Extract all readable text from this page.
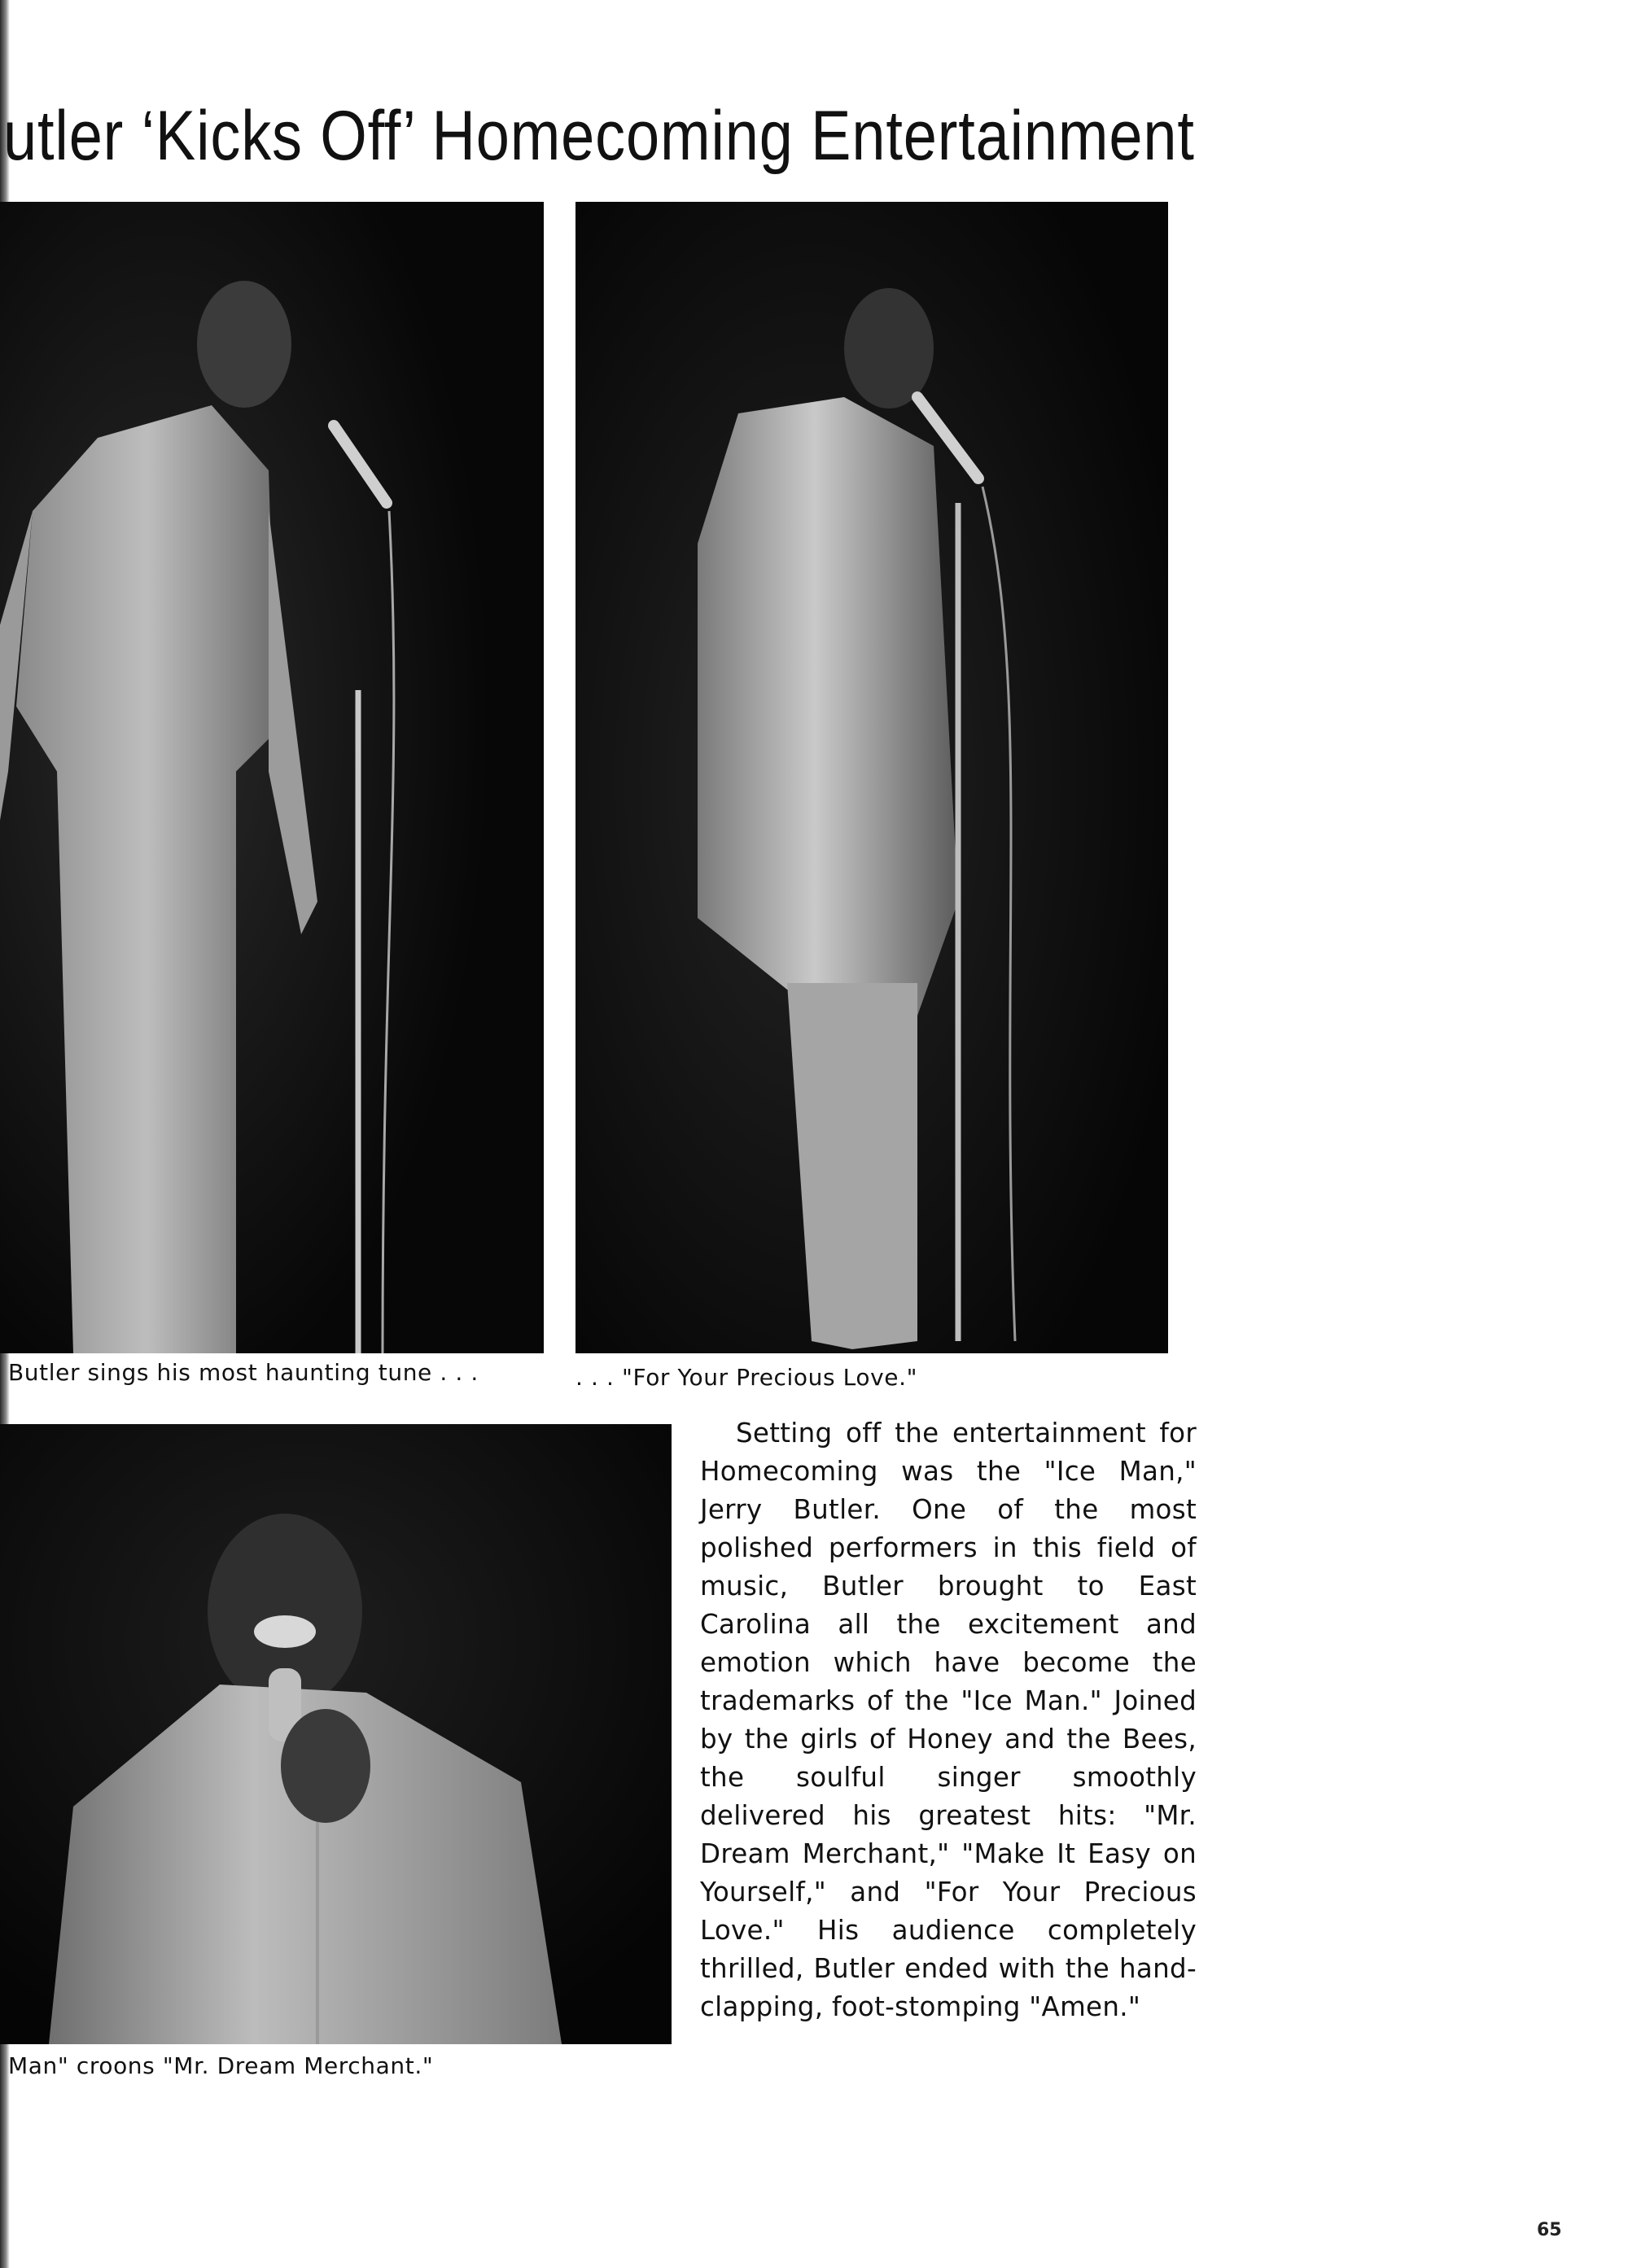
utler ‘Kicks Off’ Homecoming Entertainment

Butler sings his most haunting tune . . .	. . . "For Your Precious Love."

Man" croons "Mr. Dream Merchant."

Setting off the entertainment for Homecoming was the "Ice Man," Jerry Butler. One of the most polished performers in this field of music, Butler brought to East Carolina all the excitement and emotion which have become the trademarks of the "Ice Man." Joined by the girls of Honey and the Bees, the soulful singer smoothly delivered his greatest hits: "Mr. Dream Merchant," "Make It Easy on Yourself," and "For Your Precious Love." His audience completely thrilled, Butler ended with the hand-clapping, foot-stomping "Amen."

65
